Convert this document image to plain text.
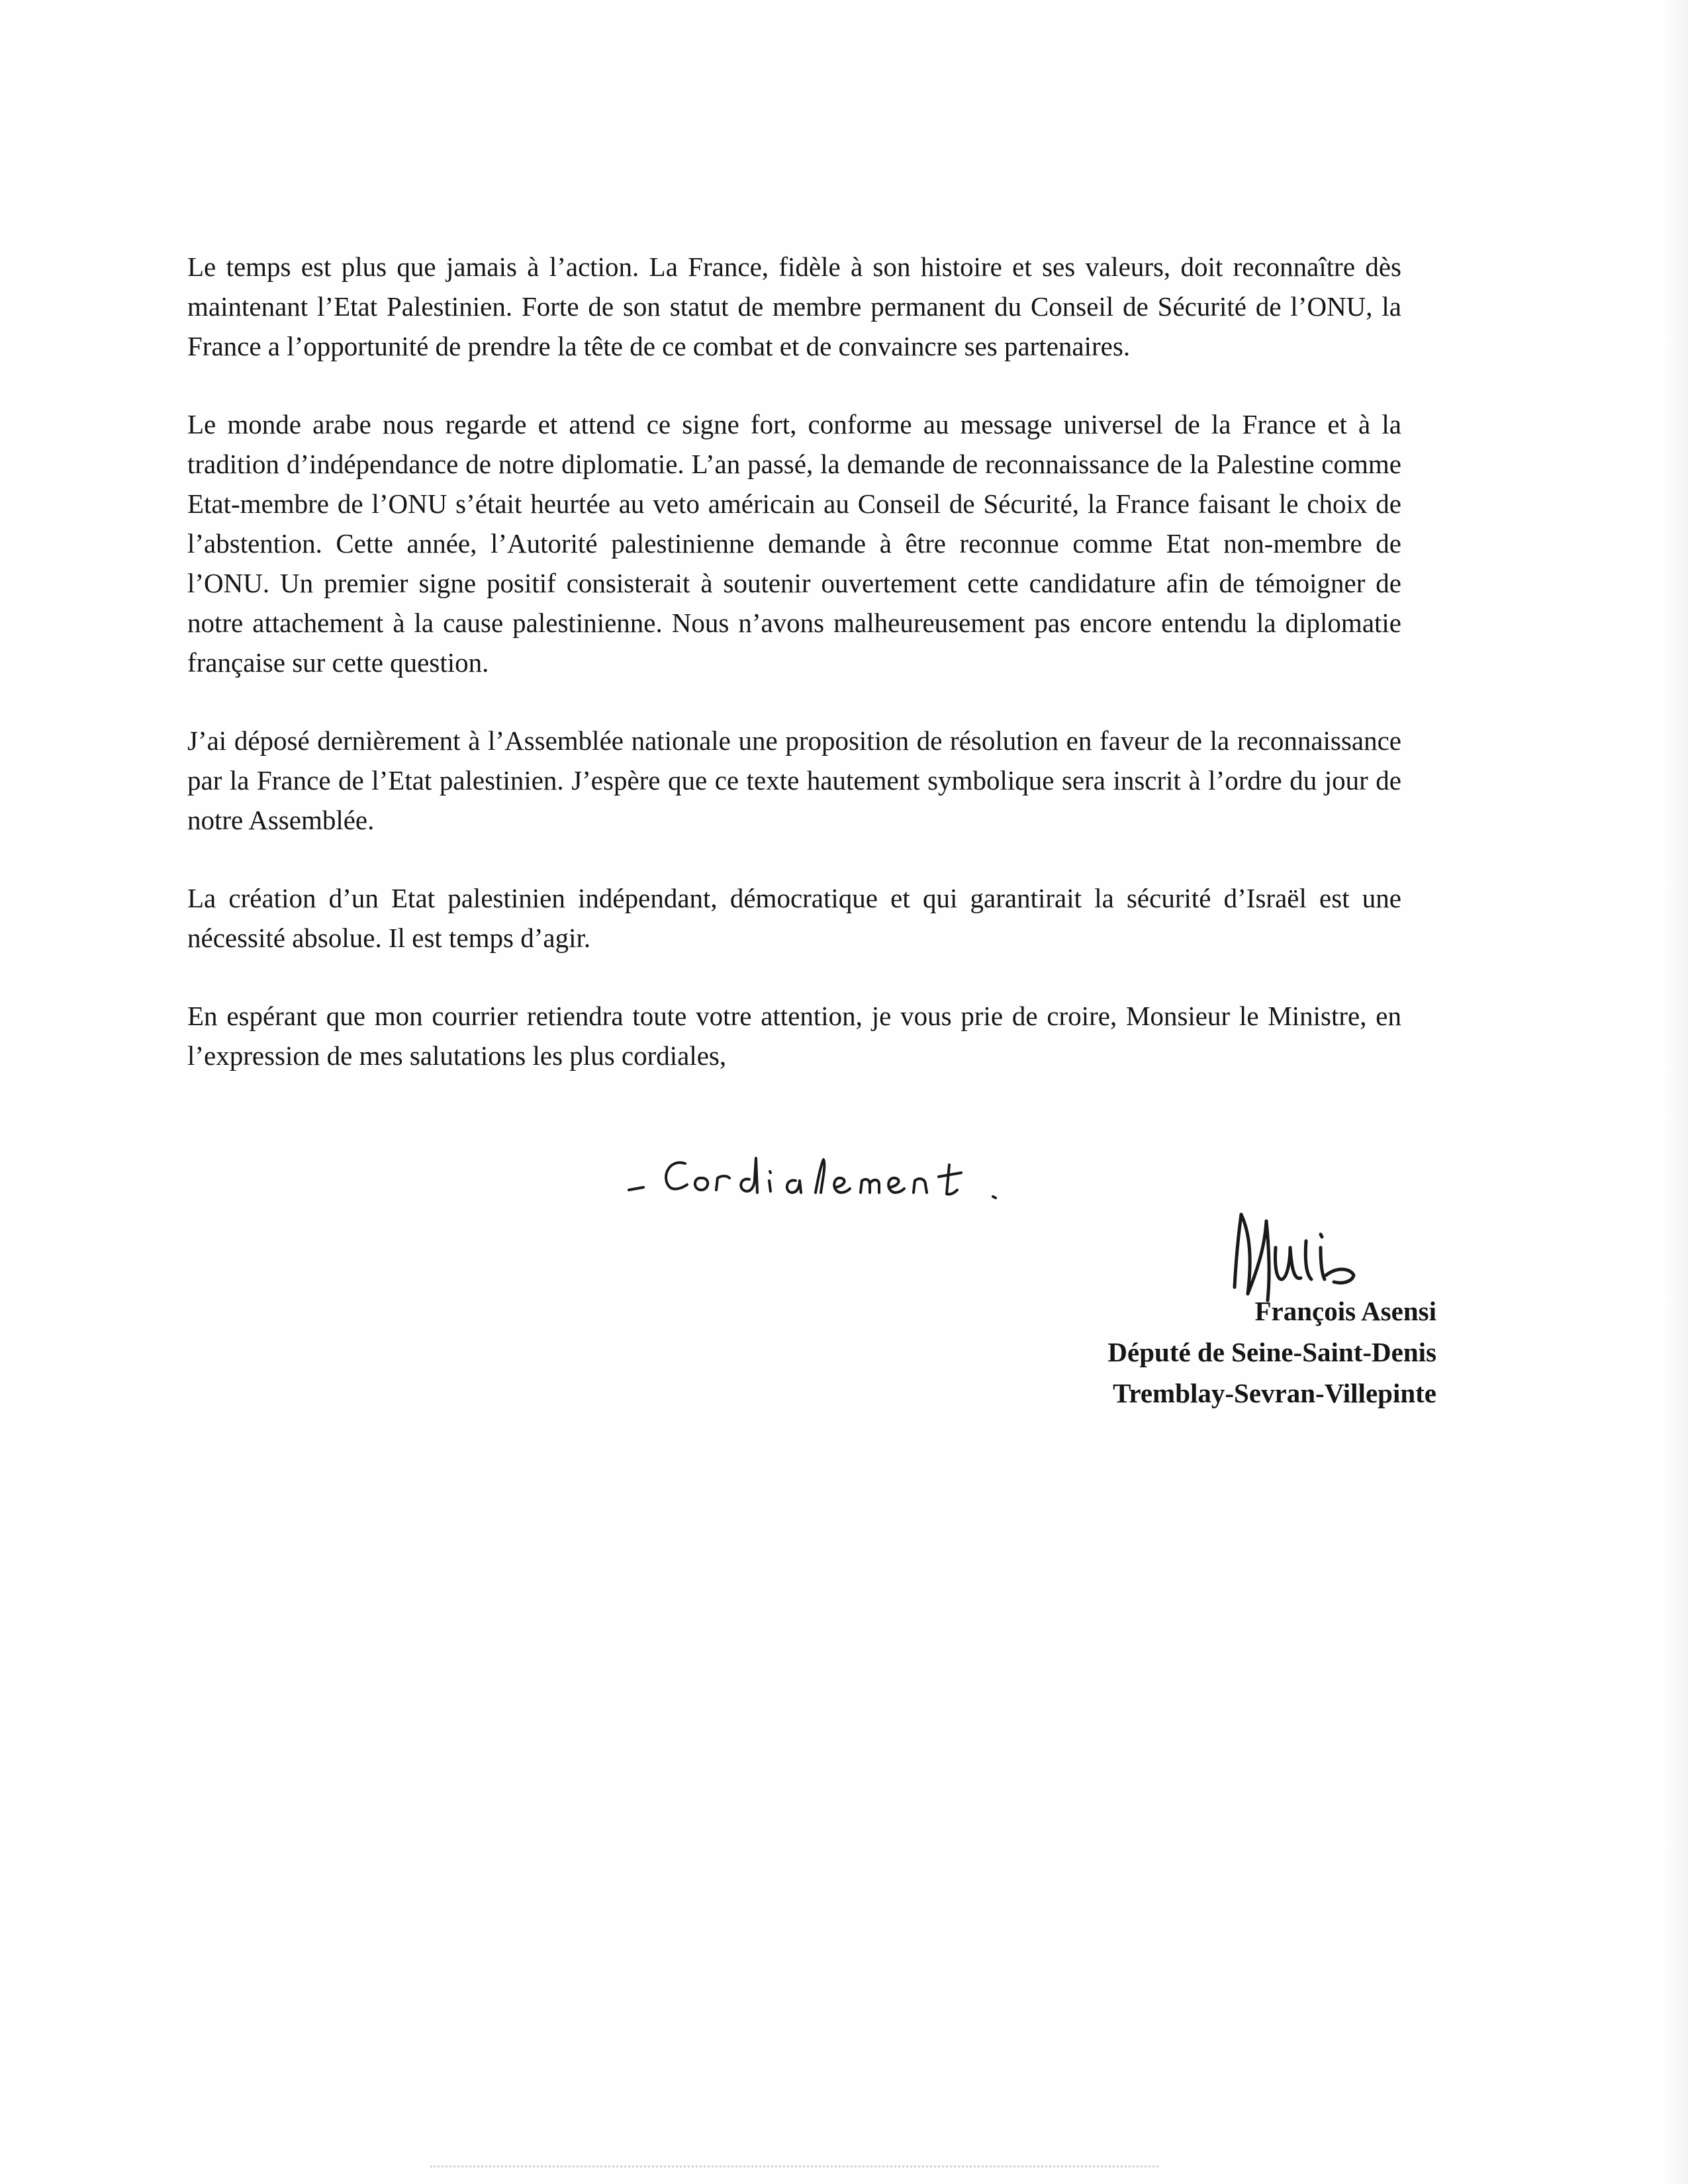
Le temps est plus que jamais à l’action. La France, fidèle à son histoire et ses valeurs, doit reconnaître dès maintenant l’Etat Palestinien. Forte de son statut de membre permanent du Conseil de Sécurité de l’ONU, la France a l’opportunité de prendre la tête de ce combat et de convaincre ses partenaires.

Le monde arabe nous regarde et attend ce signe fort, conforme au message universel de la France et à la tradition d’indépendance de notre diplomatie. L’an passé, la demande de reconnaissance de la Palestine comme Etat-membre de l’ONU s’était heurtée au veto américain au Conseil de Sécurité, la France faisant le choix de l’abstention. Cette année, l’Autorité palestinienne demande à être reconnue comme Etat non-membre de l’ONU. Un premier signe positif consisterait à soutenir ouvertement cette candidature afin de témoigner de notre attachement à la cause palestinienne. Nous n’avons malheureusement pas encore entendu la diplomatie française sur cette question.

J’ai déposé dernièrement à l’Assemblée nationale une proposition de résolution en faveur de la reconnaissance par la France de l’Etat palestinien. J’espère que ce texte hautement symbolique sera inscrit à l’ordre du jour de notre Assemblée.

La création d’un Etat palestinien indépendant, démocratique et qui garantirait la sécurité d’Israël est une nécessité absolue. Il est temps d’agir.

En espérant que mon courrier retiendra toute votre attention, je vous prie de croire, Monsieur le Ministre, en l’expression de mes salutations les plus cordiales,

François Asensi
Député de Seine-Saint-Denis
Tremblay-Sevran-Villepinte
